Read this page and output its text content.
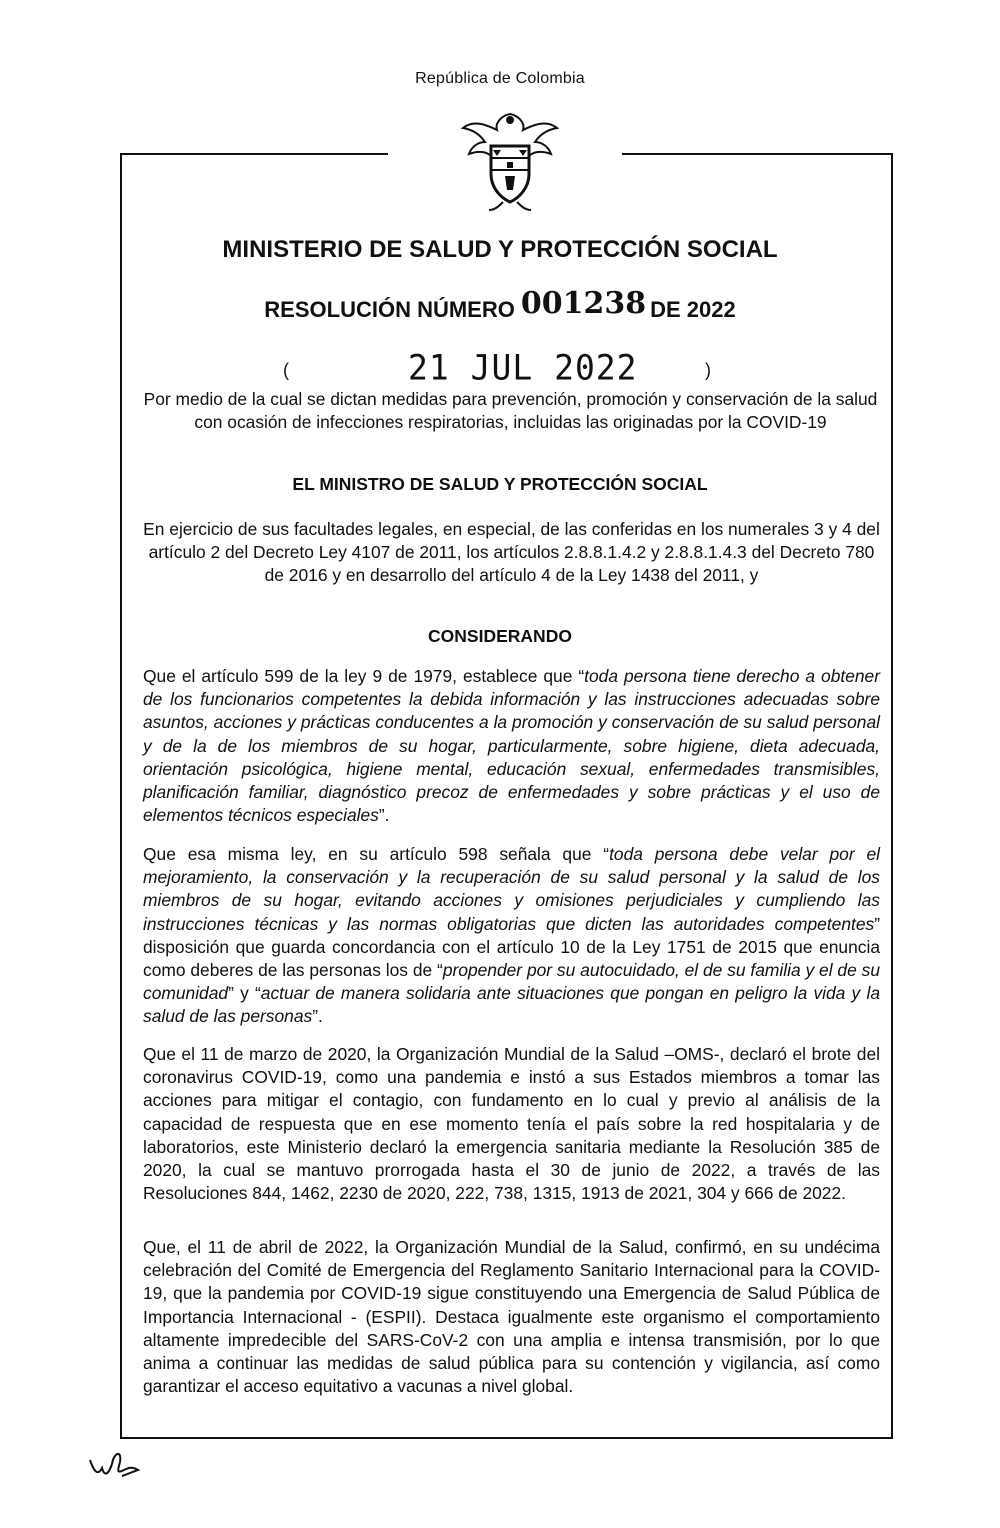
República de Colombia
MINISTERIO DE SALUD Y PROTECCIÓN SOCIAL
RESOLUCIÓN NÚMERO 001238 DE 2022
(	21 JUL 2022	)
Por medio de la cual se dictan medidas para prevención, promoción y conservación de la salud con ocasión de infecciones respiratorias, incluidas las originadas por la COVID-19
EL MINISTRO DE SALUD Y PROTECCIÓN SOCIAL
En ejercicio de sus facultades legales, en especial, de las conferidas en los numerales 3 y 4 del artículo 2 del Decreto Ley 4107 de 2011, los artículos 2.8.8.1.4.2 y 2.8.8.1.4.3 del Decreto 780 de 2016 y en desarrollo del artículo 4 de la Ley 1438 del 2011, y
CONSIDERANDO
Que el artículo 599 de la ley 9 de 1979, establece que “toda persona tiene derecho a obtener de los funcionarios competentes la debida información y las instrucciones adecuadas sobre asuntos, acciones y prácticas conducentes a la promoción y conservación de su salud personal y de la de los miembros de su hogar, particularmente, sobre higiene, dieta adecuada, orientación psicológica, higiene mental, educación sexual, enfermedades transmisibles, planificación familiar, diagnóstico precoz de enfermedades y sobre prácticas y el uso de elementos técnicos especiales”.
Que esa misma ley, en su artículo 598 señala que “toda persona debe velar por el mejoramiento, la conservación y la recuperación de su salud personal y la salud de los miembros de su hogar, evitando acciones y omisiones perjudiciales y cumpliendo las instrucciones técnicas y las normas obligatorias que dicten las autoridades competentes” disposición que guarda concordancia con el artículo 10 de la Ley 1751 de 2015 que enuncia como deberes de las personas los de “propender por su autocuidado, el de su familia y el de su comunidad” y “actuar de manera solidaria ante situaciones que pongan en peligro la vida y la salud de las personas”.
Que el 11 de marzo de 2020, la Organización Mundial de la Salud –OMS-, declaró el brote del coronavirus COVID-19, como una pandemia e instó a sus Estados miembros a tomar las acciones para mitigar el contagio, con fundamento en lo cual y previo al análisis de la capacidad de respuesta que en ese momento tenía el país sobre la red hospitalaria y de laboratorios, este Ministerio declaró la emergencia sanitaria mediante la Resolución 385 de 2020, la cual se mantuvo prorrogada hasta el 30 de junio de 2022, a través de las Resoluciones 844, 1462, 2230 de 2020, 222, 738, 1315, 1913 de 2021, 304 y 666 de 2022.
Que, el 11 de abril de 2022, la Organización Mundial de la Salud, confirmó, en su undécima celebración del Comité de Emergencia del Reglamento Sanitario Internacional para la COVID-19, que la pandemia por COVID-19 sigue constituyendo una Emergencia de Salud Pública de Importancia Internacional - (ESPII). Destaca igualmente este organismo el comportamiento altamente impredecible del SARS-CoV-2 con una amplia e intensa transmisión, por lo que anima a continuar las medidas de salud pública para su contención y vigilancia, así como garantizar el acceso equitativo a vacunas a nivel global.
